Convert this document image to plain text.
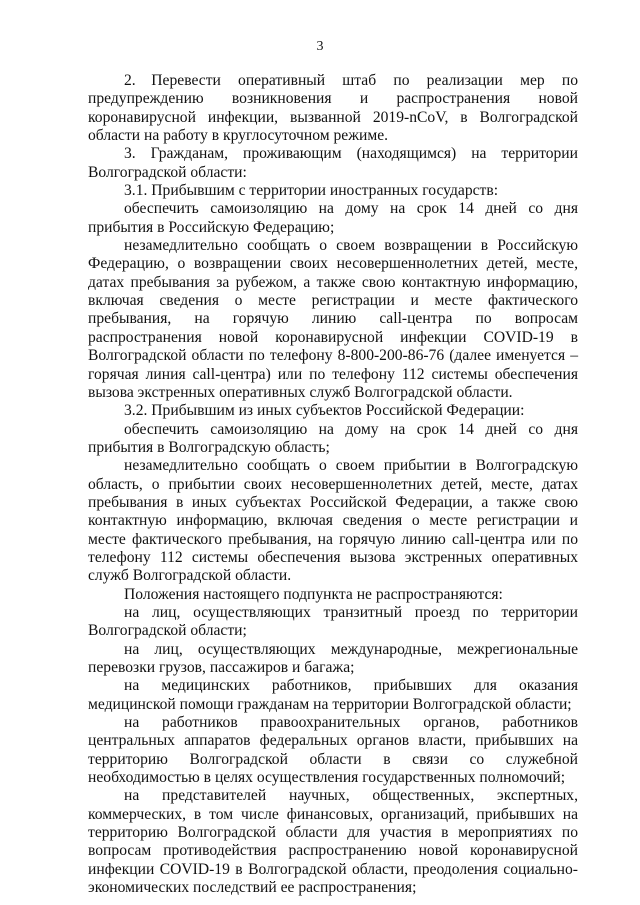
3

2. Перевести оперативный штаб по реализации мер по предупреждению возникновения и распространения новой коронавирусной инфекции, вызванной 2019-nCoV, в Волгоградской области на работу в круглосуточном режиме.

3. Гражданам, проживающим (находящимся) на территории Волгоградской области:

3.1. Прибывшим с территории иностранных государств:

обеспечить самоизоляцию на дому на срок 14 дней со дня прибытия в Российскую Федерацию;

незамедлительно сообщать о своем возвращении в Российскую Федерацию, о возвращении своих несовершеннолетних детей, месте, датах пребывания за рубежом, а также свою контактную информацию, включая сведения о месте регистрации и месте фактического пребывания, на горячую линию call-центра по вопросам распространения новой коронавирусной инфекции COVID-19 в Волгоградской области по телефону 8-800-200-86-76 (далее именуется – горячая линия call-центра) или по телефону 112 системы обеспечения вызова экстренных оперативных служб Волгоградской области.

3.2. Прибывшим из иных субъектов Российской Федерации:

обеспечить самоизоляцию на дому на срок 14 дней со дня прибытия в Волгоградскую область;

незамедлительно сообщать о своем прибытии в Волгоградскую область, о прибытии своих несовершеннолетних детей, месте, датах пребывания в иных субъектах Российской Федерации, а также свою контактную информацию, включая сведения о месте регистрации и месте фактического пребывания, на горячую линию call-центра или по телефону 112 системы обеспечения вызова экстренных оперативных служб Волгоградской области.

Положения настоящего подпункта не распространяются:

на лиц, осуществляющих транзитный проезд по территории Волгоградской области;

на лиц, осуществляющих международные, межрегиональные перевозки грузов, пассажиров и багажа;

на медицинских работников, прибывших для оказания медицинской помощи гражданам на территории Волгоградской области;

на работников правоохранительных органов, работников центральных аппаратов федеральных органов власти, прибывших на территорию Волгоградской области в связи со служебной необходимостью в целях осуществления государственных полномочий;

на представителей научных, общественных, экспертных, коммерческих, в том числе финансовых, организаций, прибывших на территорию Волгоградской области для участия в мероприятиях по вопросам противодействия распространению новой коронавирусной инфекции COVID-19 в Волгоградской области, преодоления социально-экономических последствий ее распространения;
